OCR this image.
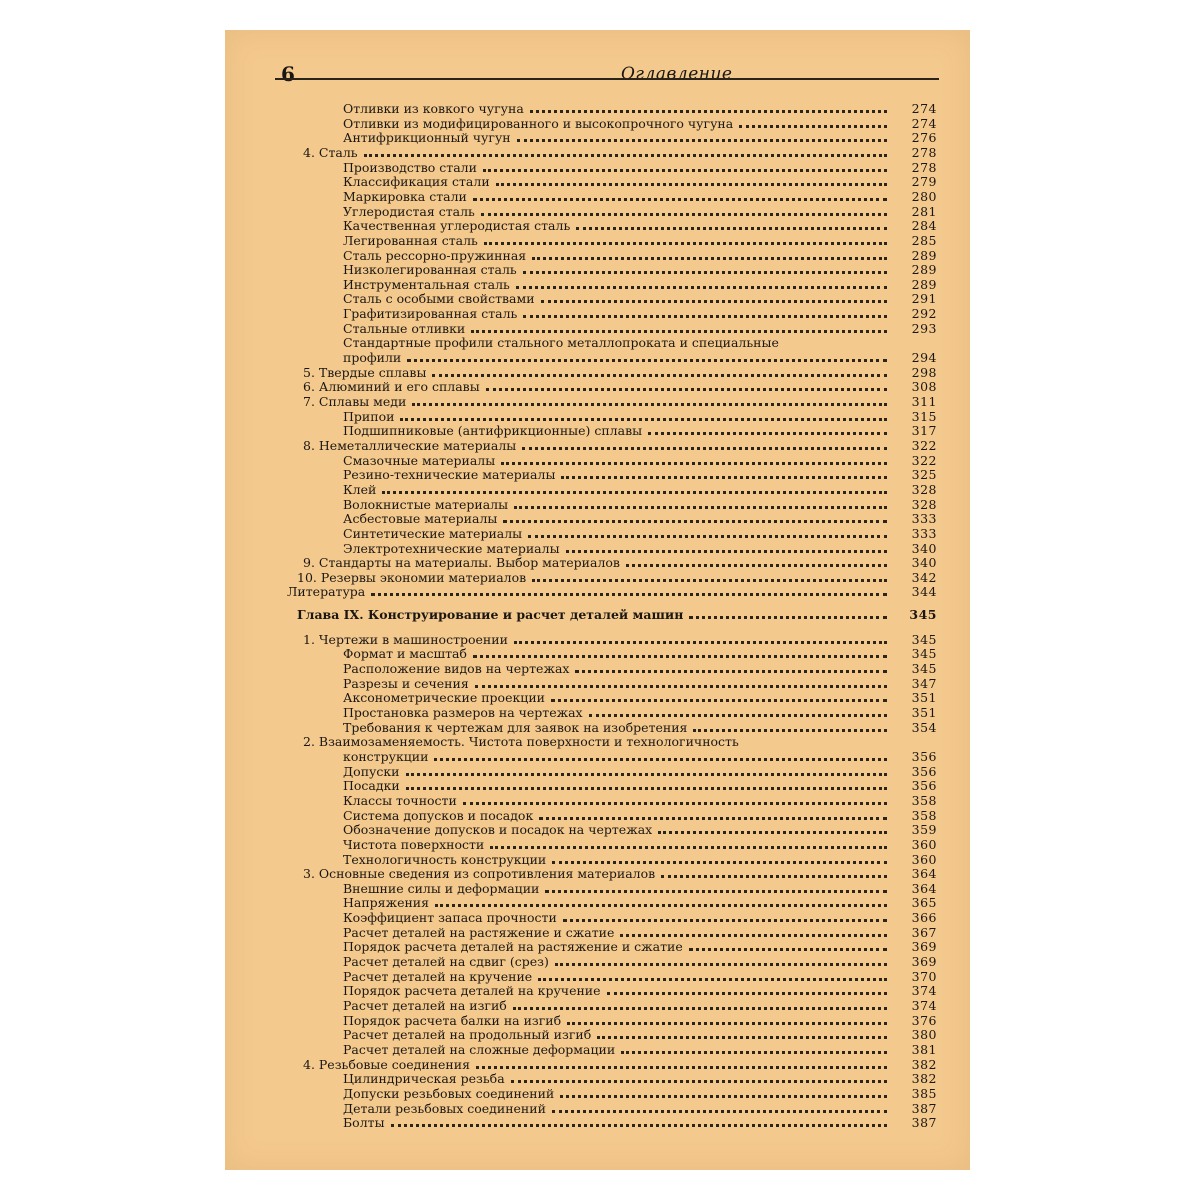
6	Оглавление
Отливки из ковкого чугуна	274
Отливки из модифицированного и высокопрочного чугуна	274
Антифрикционный чугун	276
4. Сталь	278
Производство стали	278
Классификация стали	279
Маркировка стали	280
Углеродистая сталь	281
Качественная углеродистая сталь	284
Легированная сталь	285
Сталь рессорно-пружинная	289
Низколегированная сталь	289
Инструментальная сталь	289
Сталь с особыми свойствами	291
Графитизированная сталь	292
Стальные отливки	293
Стандартные профили стального металлопроката и специальные
профили	294
5. Твердые сплавы	298
6. Алюминий и его сплавы	308
7. Сплавы меди	311
Припои	315
Подшипниковые (антифрикционные) сплавы	317
8. Неметаллические материалы	322
Смазочные материалы	322
Резино-технические материалы	325
Клей	328
Волокнистые материалы	328
Асбестовые материалы	333
Синтетические материалы	333
Электротехнические материалы	340
9. Стандарты на материалы. Выбор материалов	340
10. Резервы экономии материалов	342
Литература	344
Глава IX. Конструирование и расчет деталей машин	345
1. Чертежи в машиностроении	345
Формат и масштаб	345
Расположение видов на чертежах	345
Разрезы и сечения	347
Аксонометрические проекции	351
Простановка размеров на чертежах	351
Требования к чертежам для заявок на изобретения	354
2. Взаимозаменяемость. Чистота поверхности и технологичность
конструкции	356
Допуски	356
Посадки	356
Классы точности	358
Система допусков и посадок	358
Обозначение допусков и посадок на чертежах	359
Чистота поверхности	360
Технологичность конструкции	360
3. Основные сведения из сопротивления материалов	364
Внешние силы и деформации	364
Напряжения	365
Коэффициент запаса прочности	366
Расчет деталей на растяжение и сжатие	367
Порядок расчета деталей на растяжение и сжатие	369
Расчет деталей на сдвиг (срез)	369
Расчет деталей на кручение	370
Порядок расчета деталей на кручение	374
Расчет деталей на изгиб	374
Порядок расчета балки на изгиб	376
Расчет деталей на продольный изгиб	380
Расчет деталей на сложные деформации	381
4. Резьбовые соединения	382
Цилиндрическая резьба	382
Допуски резьбовых соединений	385
Детали резьбовых соединений	387
Болты	387
